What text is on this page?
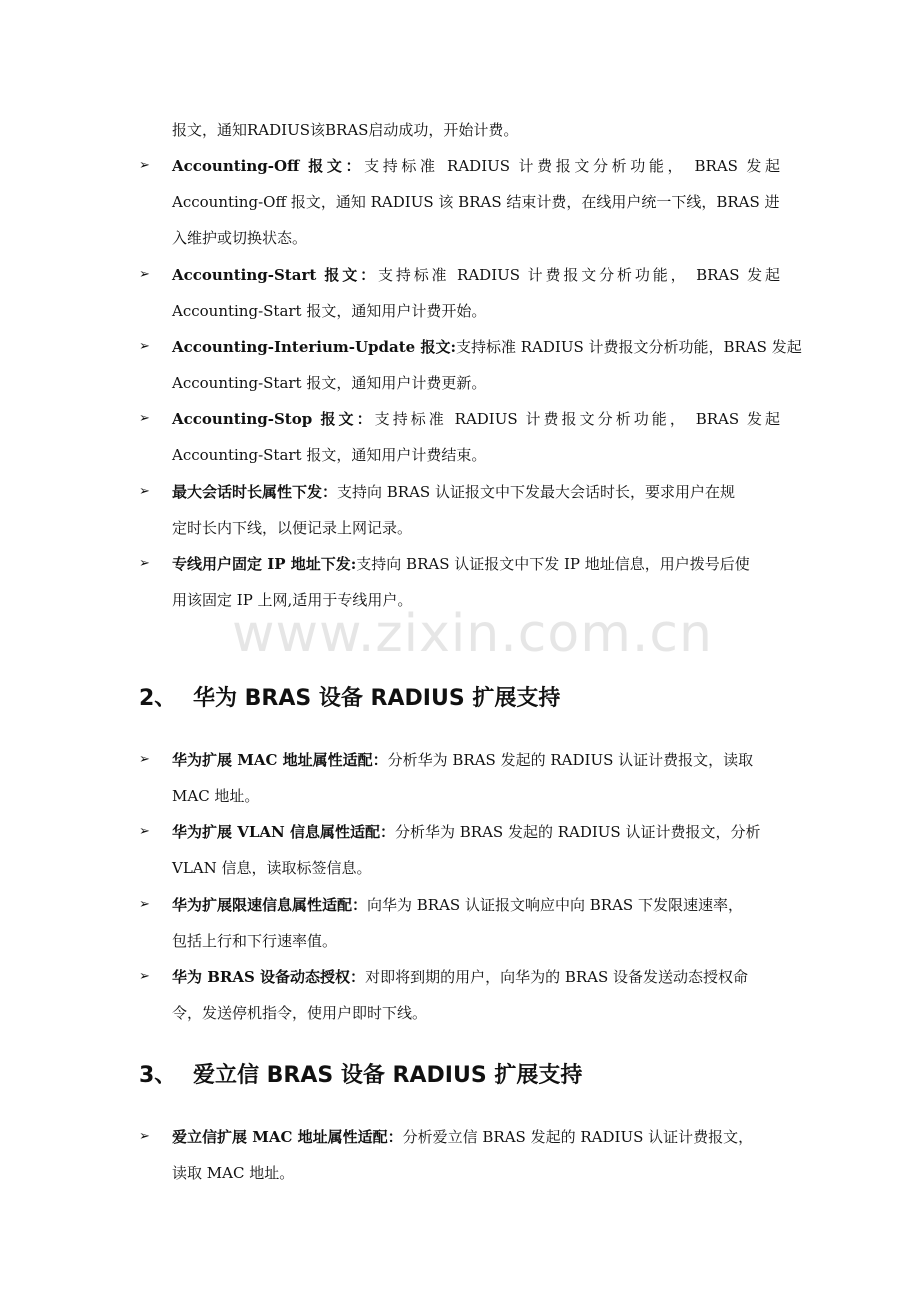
报文，通知RADIUS该BRAS启动成功，开始计费。
➢ Accounting-Off 报文：支持标准 RADIUS 计费报文分析功能， BRAS 发起
Accounting-Off 报文，通知 RADIUS 该 BRAS 结束计费，在线用户统一下线，BRAS 进
入维护或切换状态。
➢ Accounting-Start 报文：支持标准 RADIUS 计费报文分析功能， BRAS 发起
Accounting-Start 报文，通知用户计费开始。
➢ Accounting-Interium-Update 报文:支持标准 RADIUS 计费报文分析功能，BRAS 发起
Accounting-Start 报文，通知用户计费更新。
➢ Accounting-Stop 报文：支持标准 RADIUS 计费报文分析功能， BRAS 发起
Accounting-Start 报文，通知用户计费结束。
➢ 最大会话时长属性下发：支持向 BRAS 认证报文中下发最大会话时长，要求用户在规
定时长内下线，以便记录上网记录。
➢ 专线用户固定 IP 地址下发:支持向 BRAS 认证报文中下发 IP 地址信息，用户拨号后使
用该固定 IP 上网,适用于专线用户。
www.zixin.com.cn
2、 华为 BRAS 设备 RADIUS 扩展支持
➢ 华为扩展 MAC 地址属性适配：分析华为 BRAS 发起的 RADIUS 认证计费报文，读取
MAC 地址。
➢ 华为扩展 VLAN 信息属性适配：分析华为 BRAS 发起的 RADIUS 认证计费报文，分析
VLAN 信息，读取标签信息。
➢ 华为扩展限速信息属性适配：向华为 BRAS 认证报文响应中向 BRAS 下发限速速率，
包括上行和下行速率值。
➢ 华为 BRAS 设备动态授权：对即将到期的用户，向华为的 BRAS 设备发送动态授权命
令，发送停机指令，使用户即时下线。
3、 爱立信 BRAS 设备 RADIUS 扩展支持
➢ 爱立信扩展 MAC 地址属性适配：分析爱立信 BRAS 发起的 RADIUS 认证计费报文，
读取 MAC 地址。
